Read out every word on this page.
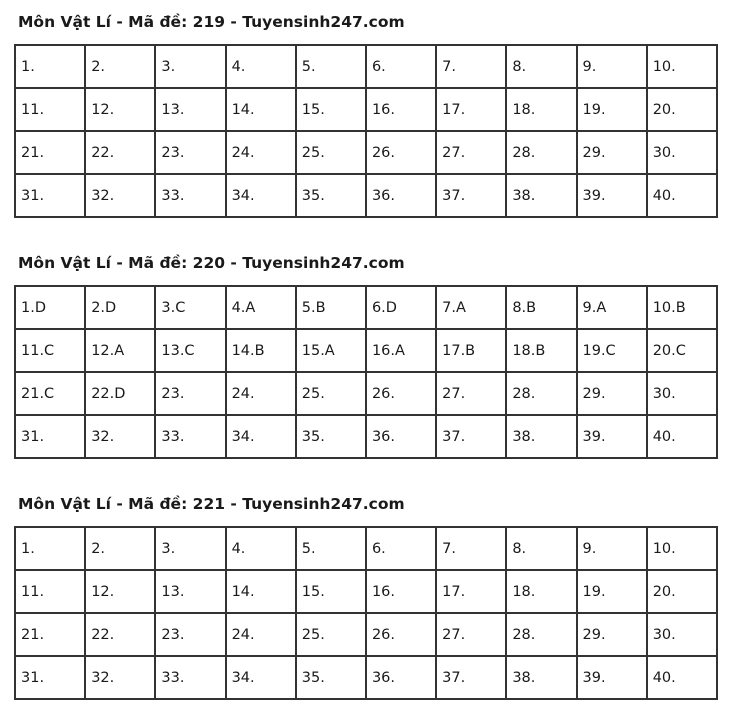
Môn Vật Lí - Mã đề: 219 - Tuyensinh247.com
1.	2.	3.	4.	5.	6.	7.	8.	9.	10.
11.	12.	13.	14.	15.	16.	17.	18.	19.	20.
21.	22.	23.	24.	25.	26.	27.	28.	29.	30.
31.	32.	33.	34.	35.	36.	37.	38.	39.	40.
Môn Vật Lí - Mã đề: 220 - Tuyensinh247.com
1.D	2.D	3.C	4.A	5.B	6.D	7.A	8.B	9.A	10.B
11.C	12.A	13.C	14.B	15.A	16.A	17.B	18.B	19.C	20.C
21.C	22.D	23.	24.	25.	26.	27.	28.	29.	30.
31.	32.	33.	34.	35.	36.	37.	38.	39.	40.
Môn Vật Lí - Mã đề: 221 - Tuyensinh247.com
1.	2.	3.	4.	5.	6.	7.	8.	9.	10.
11.	12.	13.	14.	15.	16.	17.	18.	19.	20.
21.	22.	23.	24.	25.	26.	27.	28.	29.	30.
31.	32.	33.	34.	35.	36.	37.	38.	39.	40.
